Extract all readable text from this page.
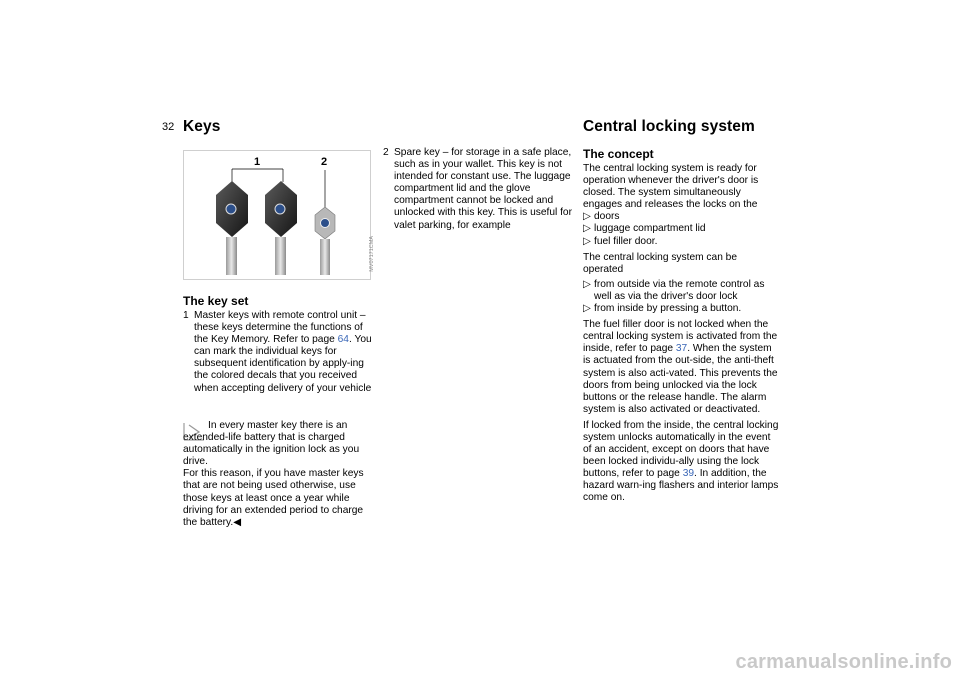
32 Keys
1	2
MV07171CMA
The key set
1 Master keys with remote control unit – these keys determine the functions of the Key Memory. Refer to page 64. You can mark the individual keys for subsequent identification by apply-ing the colored decals that you received when accepting delivery of your vehicle

In every master key there is an extended-life battery that is charged automatically in the ignition lock as you drive.

For this reason, if you have master keys that are not being used otherwise, use those keys at least once a year while driving for an extended period to charge the battery.◀

2 Spare key – for storage in a safe place, such as in your wallet. This key is not intended for constant use. The luggage compartment lid and the glove compartment cannot be locked and unlocked with this key. This is useful for valet parking, for example
Central locking system
The concept

The central locking system is ready for operation whenever the driver's door is closed. The system simultaneously engages and releases the locks on the

▷ doors
▷ luggage compartment lid
▷ fuel filler door.

The central locking system can be operated

▷ from outside via the remote control as well as via the driver's door lock
▷ from inside by pressing a button.

The fuel filler door is not locked when the central locking system is activated from the inside, refer to page 37. When the system is actuated from the out-side, the anti-theft system is also acti-vated. This prevents the doors from being unlocked via the lock buttons or the release handle. The alarm system is also activated or deactivated.

If locked from the inside, the central locking system unlocks automatically in the event of an accident, except on doors that have been locked individu-ally using the lock buttons, refer to page 39. In addition, the hazard warn-ing flashers and interior lamps come on.

carmanualsonline.info
